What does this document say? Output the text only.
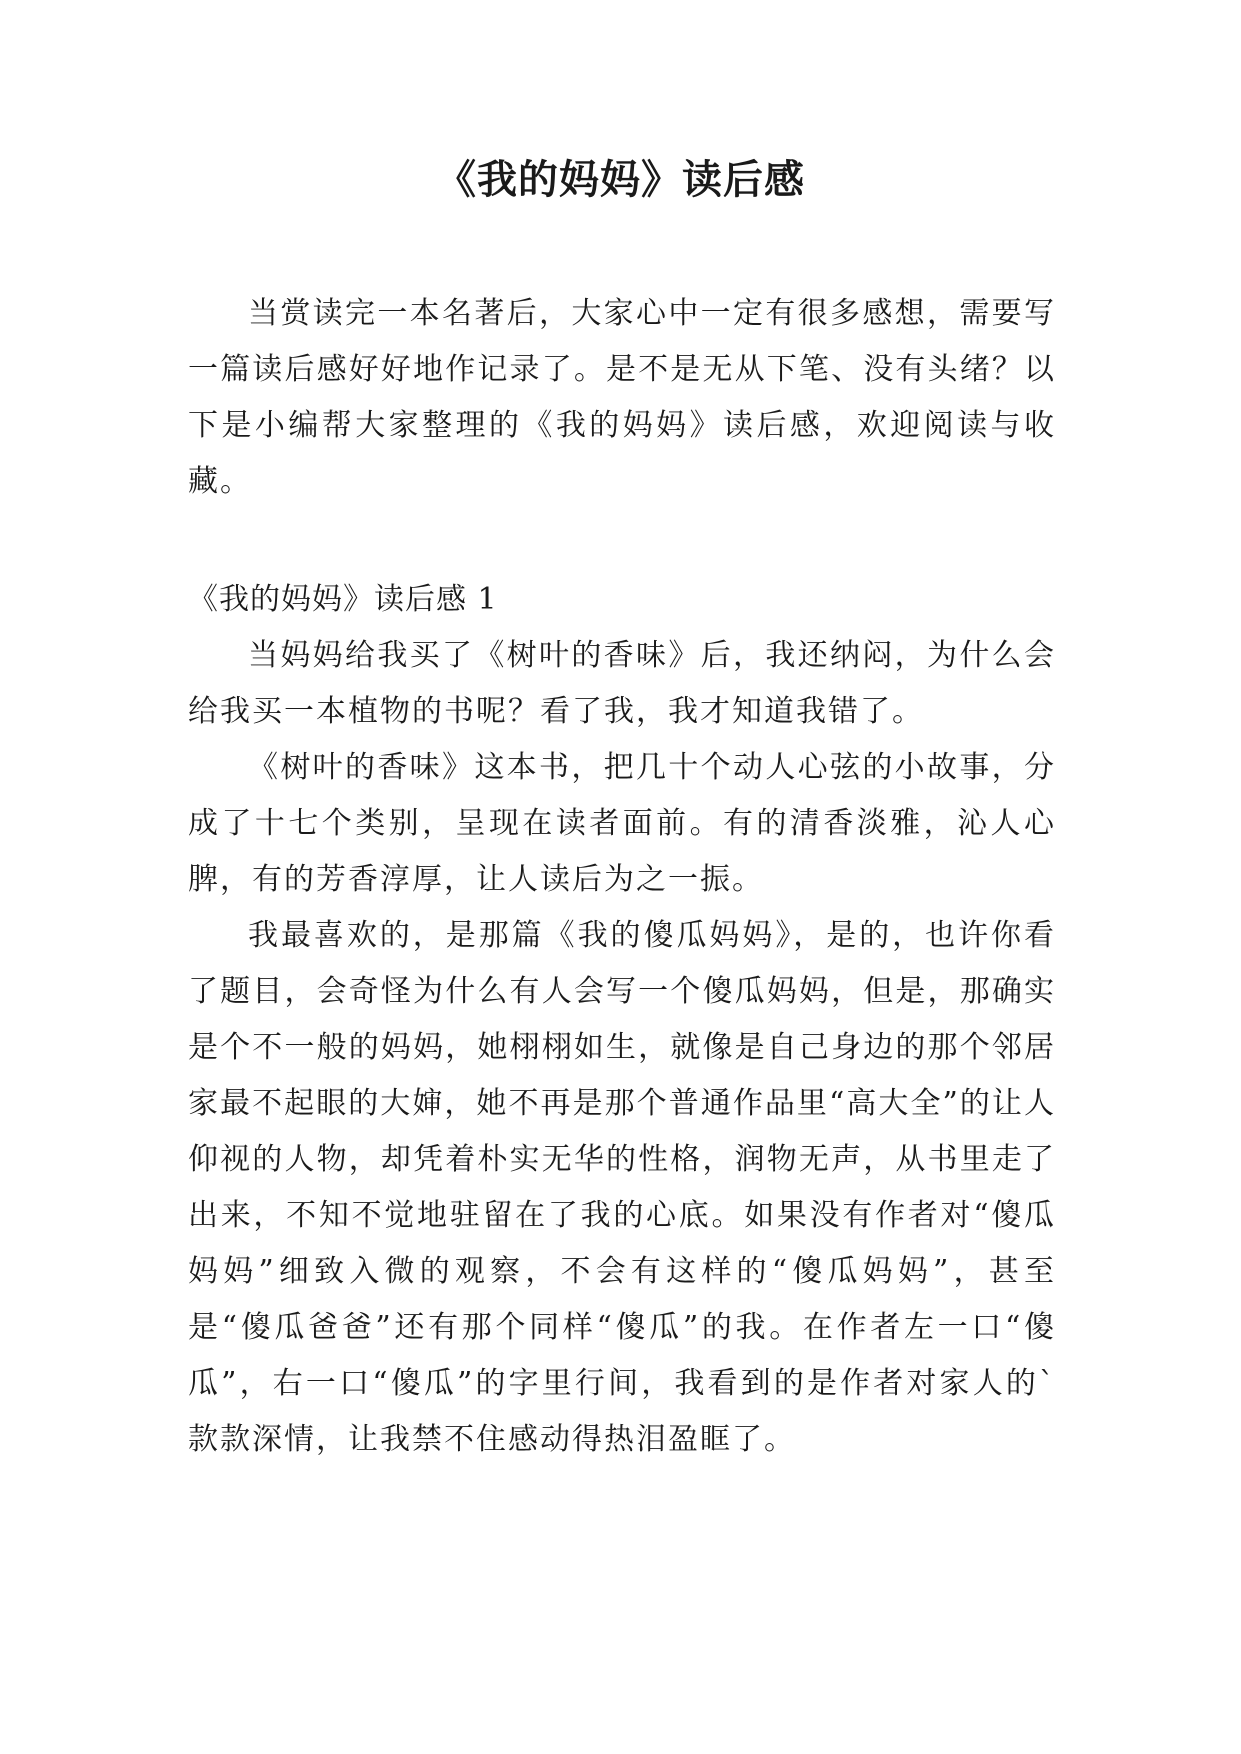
《我的妈妈》读后感

当赏读完一本名著后，大家心中一定有很多感想，需要写一篇读后感好好地作记录了。是不是无从下笔、没有头绪？以下是小编帮大家整理的《我的妈妈》读后感，欢迎阅读与收藏。

《我的妈妈》读后感 1

当妈妈给我买了《树叶的香味》后，我还纳闷，为什么会给我买一本植物的书呢？看了我，我才知道我错了。

《树叶的香味》这本书，把几十个动人心弦的小故事，分成了十七个类别，呈现在读者面前。有的清香淡雅，沁人心脾，有的芳香淳厚，让人读后为之一振。

我最喜欢的，是那篇《我的傻瓜妈妈》，是的，也许你看了题目，会奇怪为什么有人会写一个傻瓜妈妈，但是，那确实是个不一般的妈妈，她栩栩如生，就像是自己身边的那个邻居家最不起眼的大婶，她不再是那个普通作品里“高大全”的让人仰视的人物，却凭着朴实无华的性格，润物无声，从书里走了出来，不知不觉地驻留在了我的心底。如果没有作者对“傻瓜妈妈”细致入微的观察，不会有这样的“傻瓜妈妈”，甚至是“傻瓜爸爸”还有那个同样“傻瓜”的我。在作者左一口“傻瓜”，右一口“傻瓜”的字里行间，我看到的是作者对家人的`款款深情，让我禁不住感动得热泪盈眶了。
